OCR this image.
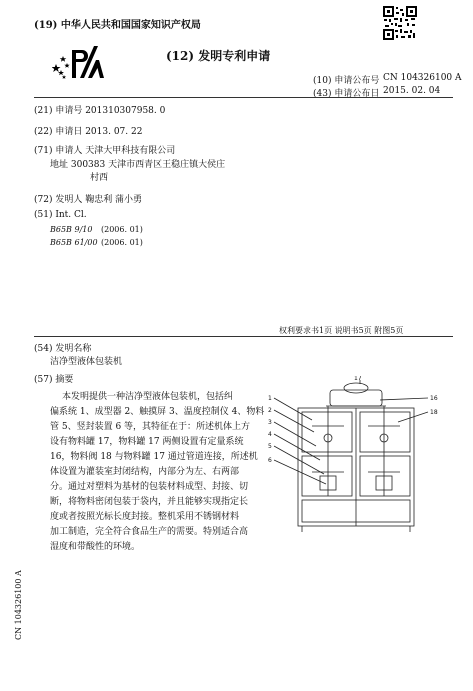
(19) 中华人民共和国国家知识产权局
(12) 发明专利申请
(10) 申请公布号 CN 104326100 A
(43) 申请公布日 2015. 02. 04
(21) 申请号 201310307958. 0
(22) 申请日 2013. 07. 22
(71) 申请人 天津大甲科技有限公司
地址 300383 天津市西青区王稳庄镇大侯庄
村西
(72) 发明人 鞠忠利 蒲小勇
(51) Int. Cl.
B65B 9/10 (2006. 01)
B65B 61/00 (2006. 01)
权利要求书1页 说明书5页 附图5页
(54) 发明名称
洁净型液体包装机
(57) 摘要
本发明提供一种洁净型液体包装机，包括纠
偏系统 1、成型器 2、触摸屏 3、温度控制仪 4、物料
管 5、竖封装置 6 等，其特征在于：所述机体上方
设有物料罐 17，物料罐 17 两侧设置有定量系统
16，物料阀 18 与物料罐 17 通过管道连接，所述机
体设置为灌装室封闭结构，内部分为左、右两部
分。通过对塑料为基材的包装材料成型、封接、切
断，将物料密闭包装于袋内，并且能够实现指定长
度或者按照光标长度封接。整机采用不锈钢材料
加工制造，完全符合食品生产的需要。特别适合高
湿度和带酸性的环境。
17
16
18
1
2
3
4
5
6
CN 104326100 A
